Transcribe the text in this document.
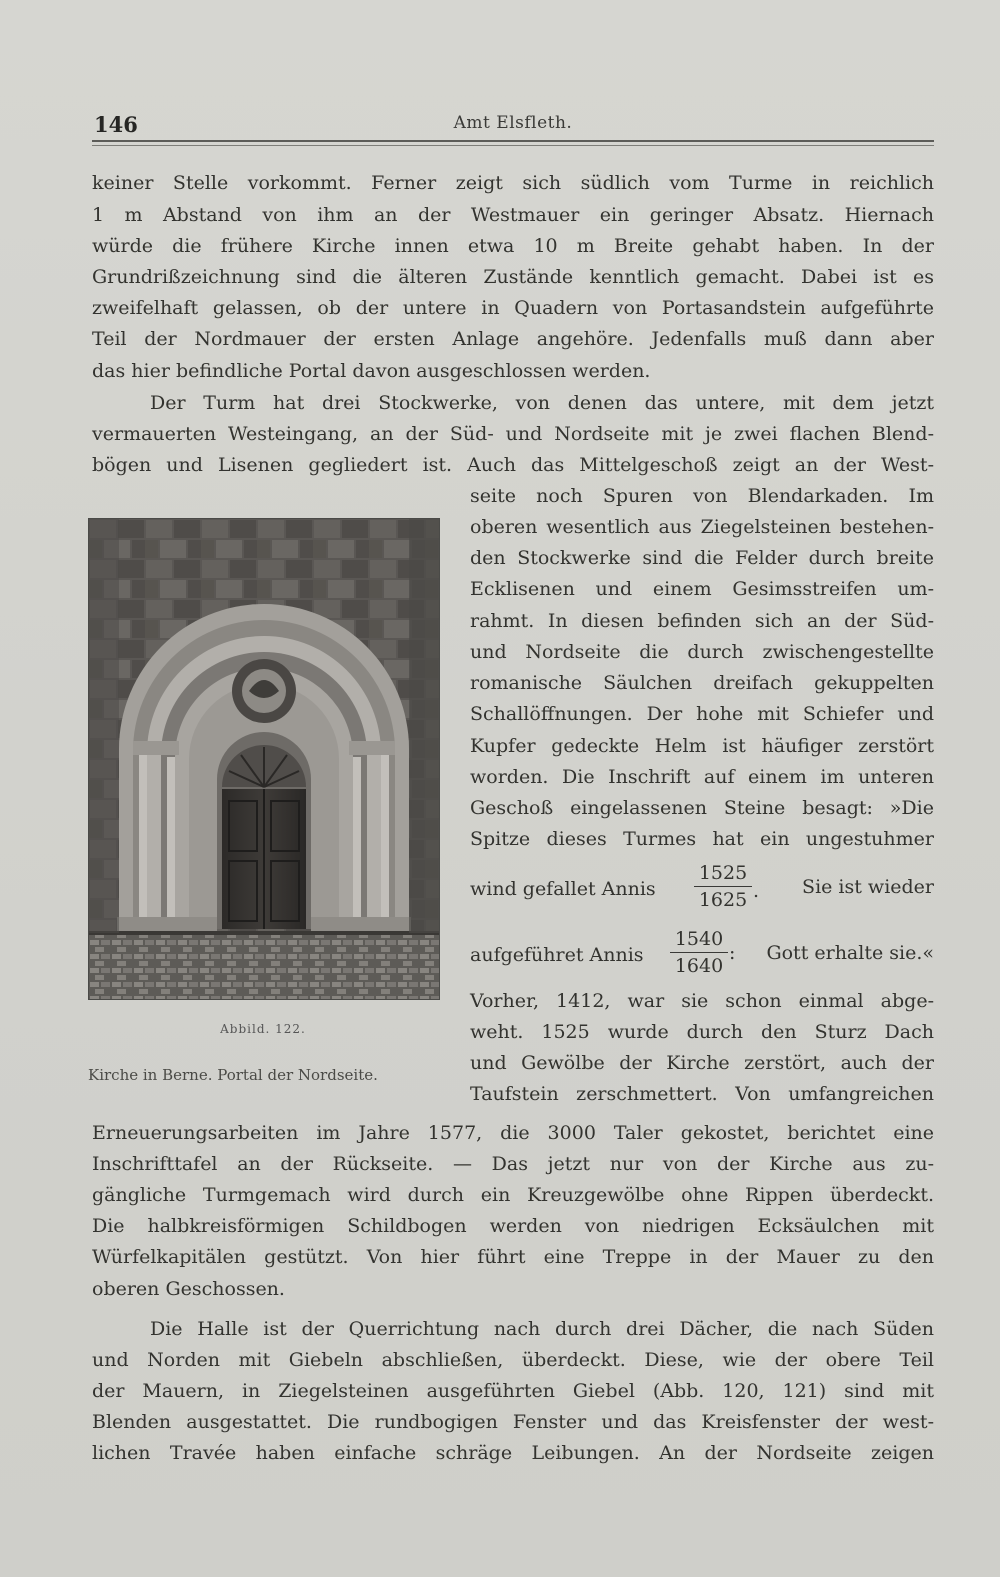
146	Amt Elsfleth.
keiner Stelle vorkommt. Ferner zeigt sich südlich vom Turme in reichlich
1 m Abstand von ihm an der Westmauer ein geringer Absatz. Hiernach
würde die frühere Kirche innen etwa 10 m Breite gehabt haben. In der
Grundrißzeichnung sind die älteren Zustände kenntlich gemacht. Dabei ist es
zweifelhaft gelassen, ob der untere in Quadern von Portasandstein aufgeführte
Teil der Nordmauer der ersten Anlage angehöre. Jedenfalls muß dann aber
das hier befindliche Portal davon ausgeschlossen werden.
Der Turm hat drei Stockwerke, von denen das untere, mit dem jetzt
vermauerten Westeingang, an der Süd- und Nordseite mit je zwei flachen Blend-
bögen und Lisenen gegliedert ist. Auch das Mittelgeschoß zeigt an der West-
seite noch Spuren von Blendarkaden. Im
oberen wesentlich aus Ziegelsteinen bestehen-
den Stockwerke sind die Felder durch breite
Ecklisenen und einem Gesimsstreifen um-
rahmt. In diesen befinden sich an der Süd-
und Nordseite die durch zwischengestellte
romanische Säulchen dreifach gekuppelten
Schallöffnungen. Der hohe mit Schiefer und
Kupfer gedeckte Helm ist häufiger zerstört
worden. Die Inschrift auf einem im unteren
Geschoß eingelassenen Steine besagt: »Die
Spitze dieses Turmes hat ein ungestuhmer
wind gefallet Annis $\frac{1525}{1625}$ . Sie ist wieder
aufgeführet Annis $\frac{1540}{1640}$ : Gott erhalte sie.«
Vorher, 1412, war sie schon einmal abge-
weht. 1525 wurde durch den Sturz Dach
und Gewölbe der Kirche zerstört, auch der
Taufstein zerschmettert. Von umfangreichen
Erneuerungsarbeiten im Jahre 1577, die 3000 Taler gekostet, berichtet eine
Inschrifttafel an der Rückseite. — Das jetzt nur von der Kirche aus zu-
gängliche Turmgemach wird durch ein Kreuzgewölbe ohne Rippen überdeckt.
Die halbkreisförmigen Schildbogen werden von niedrigen Ecksäulchen mit
Würfelkapitälen gestützt. Von hier führt eine Treppe in der Mauer zu den
oberen Geschossen.
Die Halle ist der Querrichtung nach durch drei Dächer, die nach Süden
und Norden mit Giebeln abschließen, überdeckt. Diese, wie der obere Teil
der Mauern, in Ziegelsteinen ausgeführten Giebel (Abb. 120, 121) sind mit
Blenden ausgestattet. Die rundbogigen Fenster und das Kreisfenster der west-
lichen Travée haben einfache schräge Leibungen. An der Nordseite zeigen
Abbild. 122.
Kirche in Berne. Portal der Nordseite.
